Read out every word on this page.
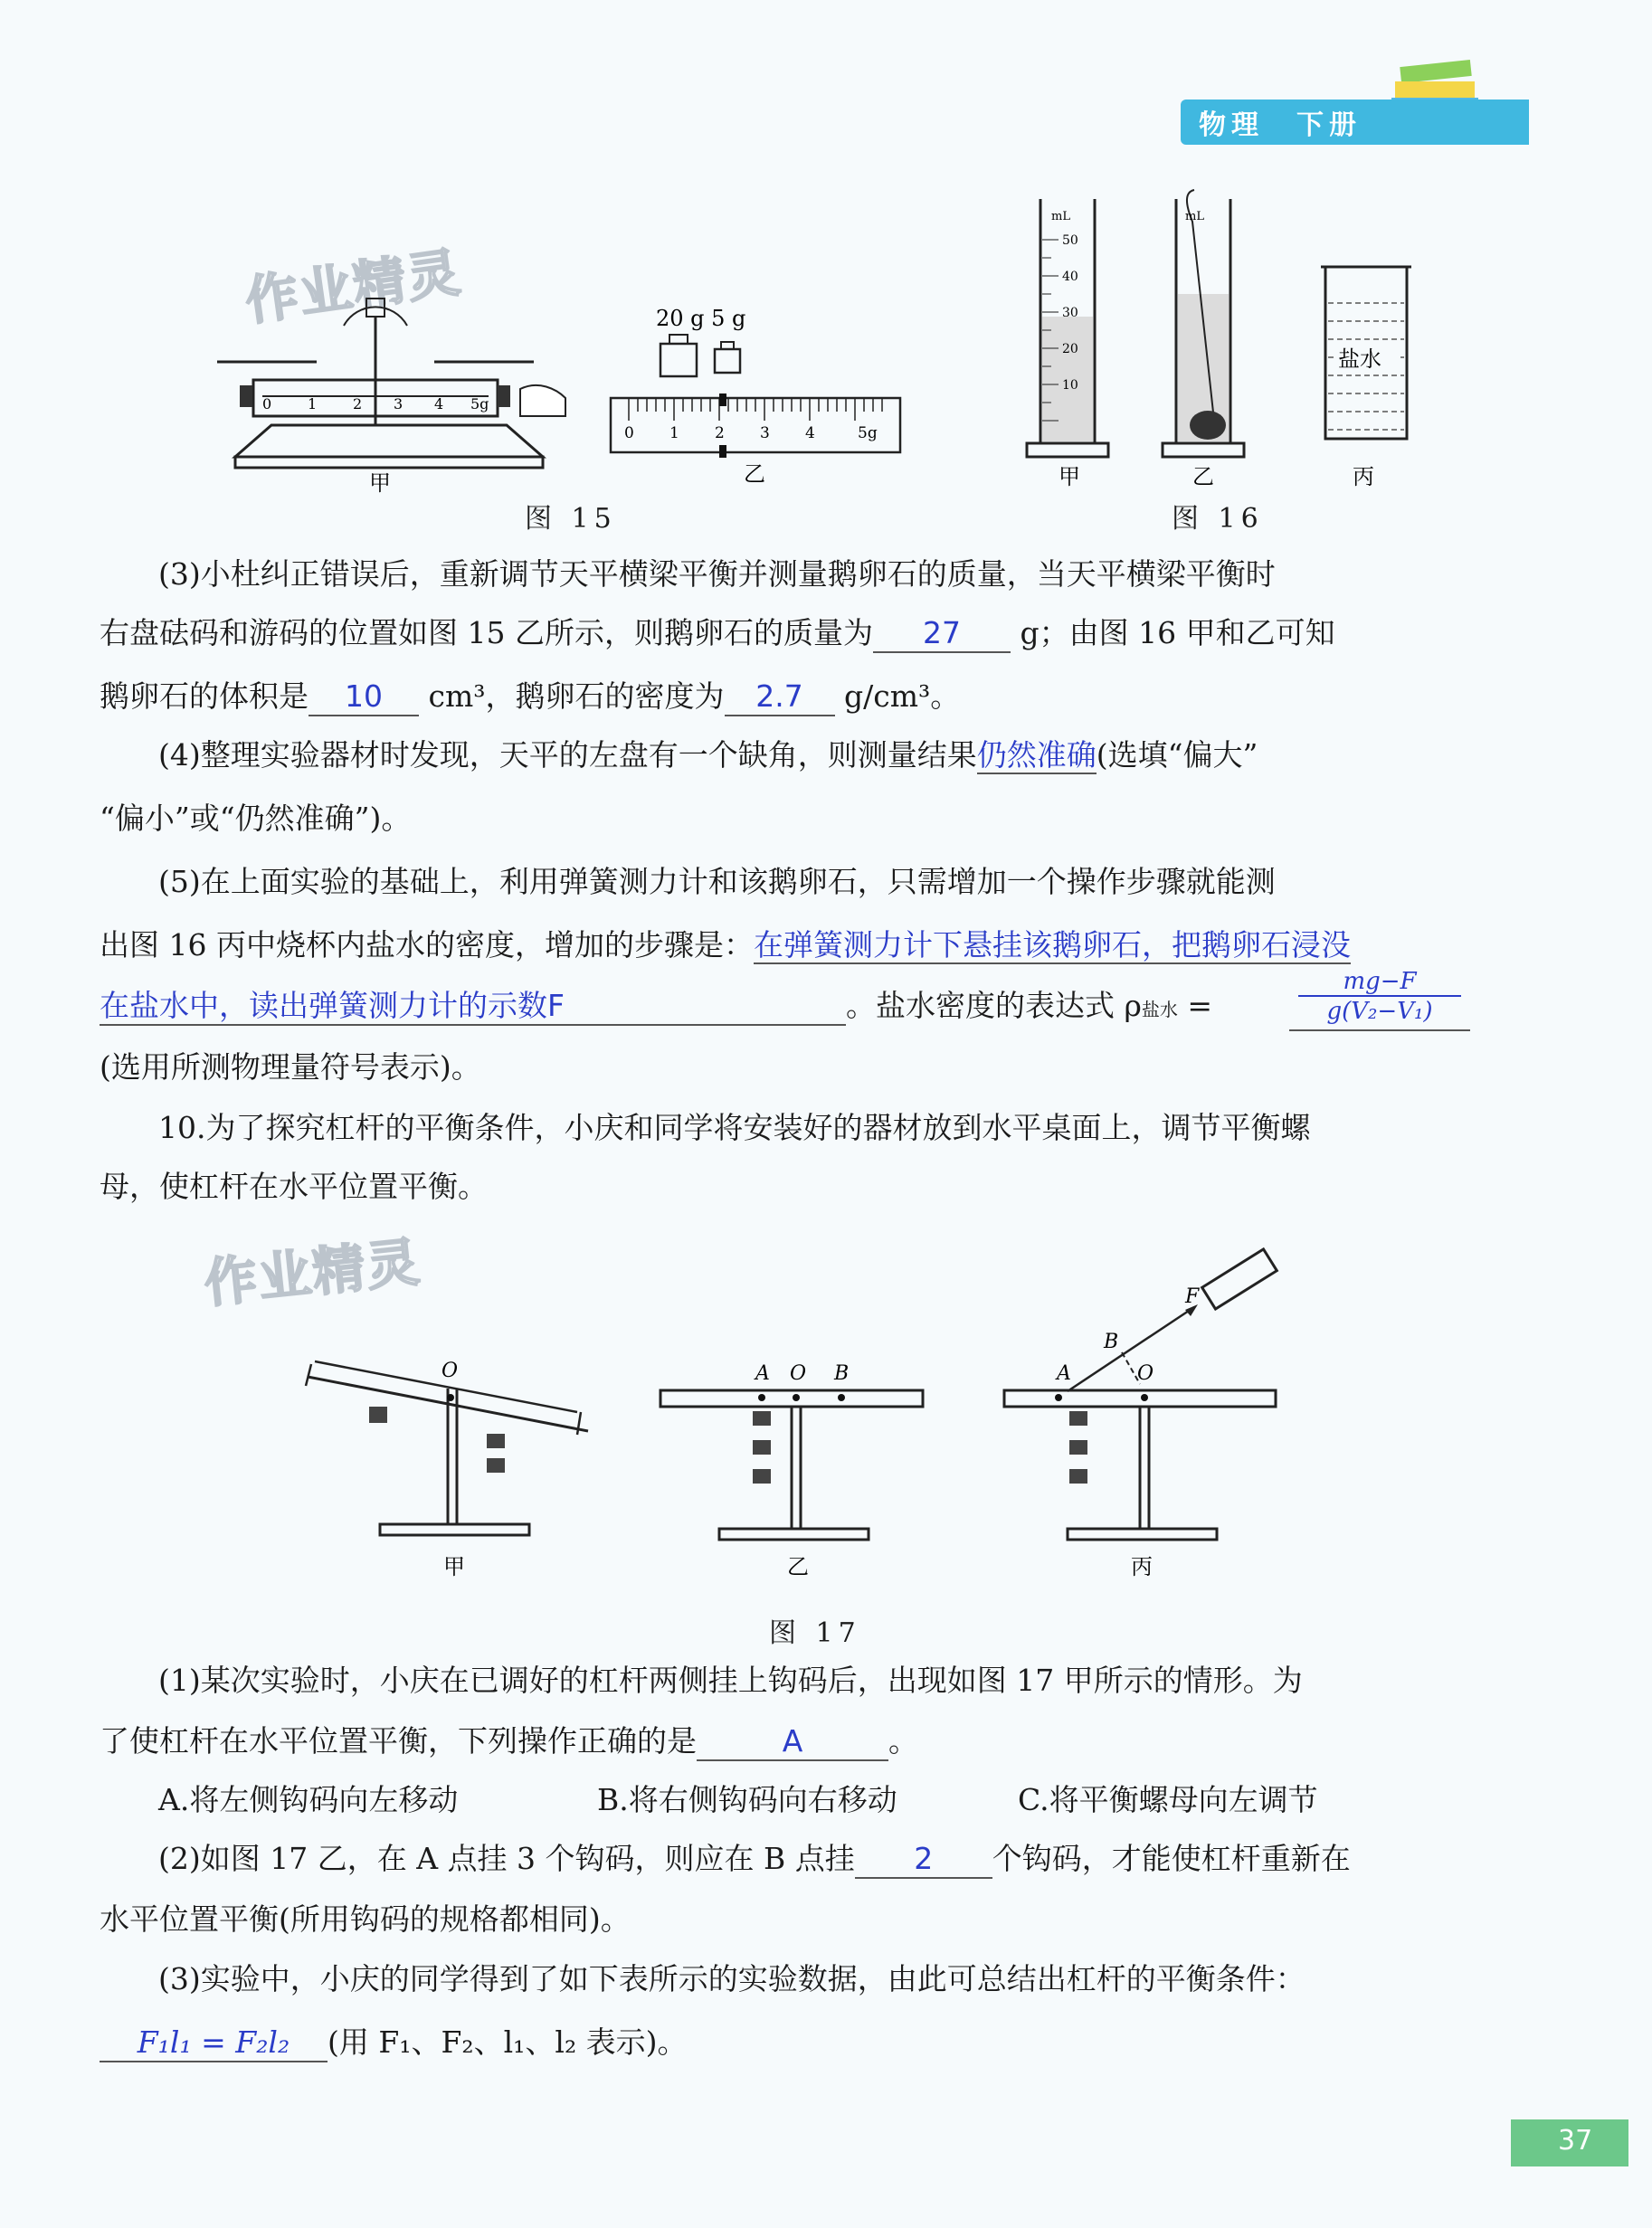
物理　下册
作业精灵
作业精灵
0 1 2 3 4 5g
甲
20 g 5 g
0 1 2 3 4	5g
乙
图 15
mL
50
40
30
20
10
mL
盐水
甲	乙	丙
图 16
(3)小杜纠正错误后，重新调节天平横梁平衡并测量鹅卵石的质量，当天平横梁平衡时
右盘砝码和游码的位置如图 15 乙所示，则鹅卵石的质量为 27 g；由图 16 甲和乙可知
鹅卵石的体积是 10 cm³，鹅卵石的密度为 2.7 g/cm³。
(4)整理实验器材时发现，天平的左盘有一个缺角，则测量结果仍然准确(选填“偏大”
“偏小”或“仍然准确”)。
(5)在上面实验的基础上，利用弹簧测力计和该鹅卵石，只需增加一个操作步骤就能测
出图 16 丙中烧杯内盐水的密度，增加的步骤是：在弹簧测力计下悬挂该鹅卵石，把鹅卵石浸没
在盐水中，读出弹簧测力计的示数F	。盐水密度的表达式 ρ盐水 =	$\frac{mg-F}{\text{g(V₂−V₁)}}$
(选用所测物理量符号表示)。
10.为了探究杠杆的平衡条件，小庆和同学将安装好的器材放到水平桌面上，调节平衡螺
母，使杠杆在水平位置平衡。
O	A O B	A
B
O
F
甲	乙	丙
图 17
(1)某次实验时，小庆在已调好的杠杆两侧挂上钩码后，出现如图 17 甲所示的情形。为
了使杠杆在水平位置平衡，下列操作正确的是	A	。
A.将左侧钩码向左移动	B.将右侧钩码向右移动	C.将平衡螺母向左调节
(2)如图 17 乙，在 A 点挂 3 个钩码，则应在 B 点挂 2 个钩码，才能使杠杆重新在
水平位置平衡(所用钩码的规格都相同)。
(3)实验中，小庆的同学得到了如下表所示的实验数据，由此可总结出杠杆的平衡条件：
F₁l₁ = F₂l₂ (用 F₁、F₂、l₁、l₂ 表示)。
37
